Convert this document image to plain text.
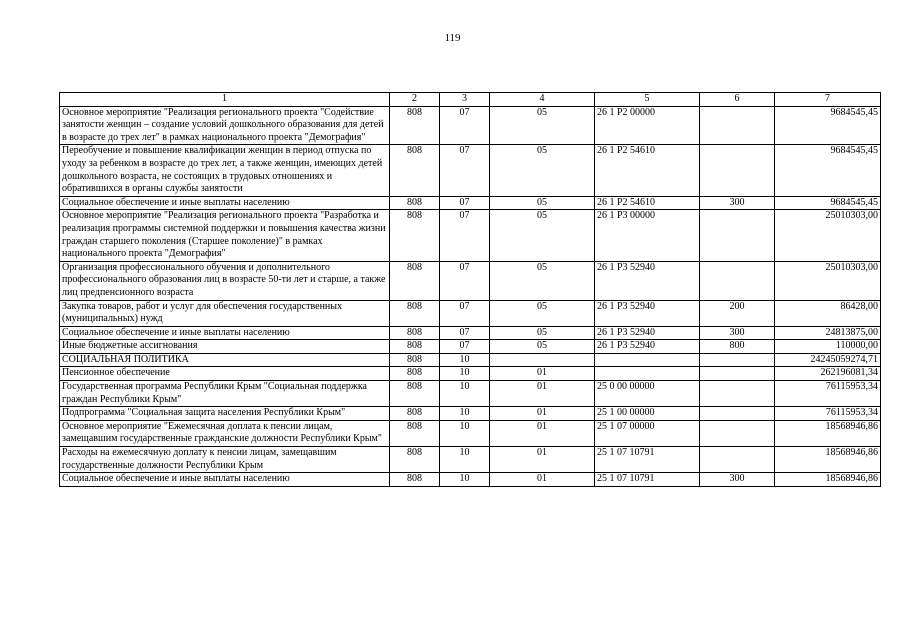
119
1	2	3	4	5	6	7
Основное мероприятие "Реализация регионального проекта "Содействие занятости женщин – создание условий дошкольного образования для детей в возрасте до трех лет" в рамках национального проекта "Демография"	808	07	05	26 1 Р2 00000		9684545,45
Переобучение и повышение квалификации женщин в период отпуска по уходу за ребенком в возрасте до трех лет, а также женщин, имеющих детей дошкольного возраста, не состоящих в трудовых отношениях и обратившихся в органы службы занятости	808	07	05	26 1 Р2 54610		9684545,45
Социальное обеспечение и иные выплаты населению	808	07	05	26 1 Р2 54610	300	9684545,45
Основное мероприятие "Реализация регионального проекта "Разработка и реализация программы системной поддержки и повышения качества жизни граждан старшего поколения (Старшее поколение)" в рамках национального проекта "Демография"	808	07	05	26 1 Р3 00000		25010303,00
Организация профессионального обучения и дополнительного профессионального образования лиц в возрасте 50-ти лет и старше, а также лиц предпенсионного возраста	808	07	05	26 1 Р3 52940		25010303,00
Закупка товаров, работ и услуг для обеспечения государственных (муниципальных) нужд	808	07	05	26 1 Р3 52940	200	86428,00
Социальное обеспечение и иные выплаты населению	808	07	05	26 1 Р3 52940	300	24813875,00
Иные бюджетные ассигнования	808	07	05	26 1 Р3 52940	800	110000,00
СОЦИАЛЬНАЯ ПОЛИТИКА	808	10				24245059274,71
Пенсионное обеспечение	808	10	01			262196081,34
Государственная программа Республики Крым "Социальная поддержка граждан Республики Крым"	808	10	01	25 0 00 00000		76115953,34
Подпрограмма "Социальная защита населения Республики Крым"	808	10	01	25 1 00 00000		76115953,34
Основное мероприятие "Ежемесячная доплата к пенсии лицам, замещавшим государственные гражданские должности Республики Крым"	808	10	01	25 1 07 00000		18568946,86
Расходы на ежемесячную доплату к пенсии лицам, замещавшим государственные должности Республики Крым	808	10	01	25 1 07 10791		18568946,86
Социальное обеспечение и иные выплаты населению	808	10	01	25 1 07 10791	300	18568946,86
